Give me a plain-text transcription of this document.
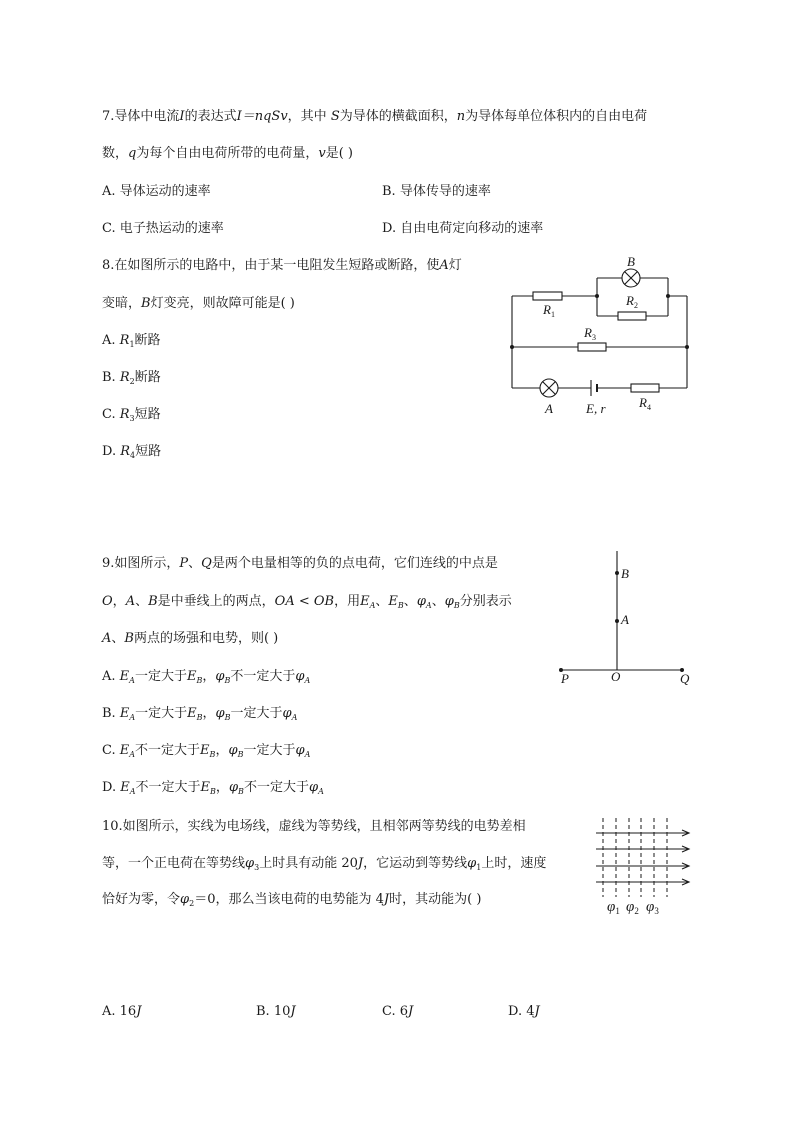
7.导体中电流I的表达式I＝nqSv，其中 S为导体的横截面积，n为导体每单位体积内的自由电荷
数，q为每个自由电荷所带的电荷量，v是( )
A. 导体运动的速率	B. 导体传导的速率
C. 电子热运动的速率	D. 自由电荷定向移动的速率
8.在如图所示的电路中，由于某一电阻发生短路或断路，使A灯
变暗，B灯变亮，则故障可能是( )
A. $R_1$断路
B. $R_2$断路
C. $R_3$短路
D. $R_4$短路
B
$R_1$
$R_2$
$R_3$
A	E, r	$R_4$
9.如图所示，P、Q是两个电量相等的负的点电荷，它们连线的中点是
O，A、B是中垂线上的两点，OA < OB，用$E_A$、$E_B$、$\varphi_A$、$\varphi_B$分别表示
A、B两点的场强和电势，则( )
A. $E_A$一定大于$E_B$，$\varphi_B$不一定大于$\varphi_A$
B. $E_A$一定大于$E_B$，$\varphi_B$一定大于$\varphi_A$
C. $E_A$不一定大于$E_B$，$\varphi_B$一定大于$\varphi_A$
D. $E_A$不一定大于$E_B$，$\varphi_B$不一定大于$\varphi_A$
B
A
P	O	Q
10.如图所示，实线为电场线，虚线为等势线，且相邻两等势线的电势差相
等，一个正电荷在等势线$\varphi_3$上时具有动能 20J，它运动到等势线$\varphi_1$上时，速度
恰好为零，令$\varphi_2=0$，那么当该电荷的电势能为 4J时，其动能为( )
A. 16J	B. 10J	C. 6J	D. 4J
$\varphi_1$ $\varphi_2$ $\varphi_3$
